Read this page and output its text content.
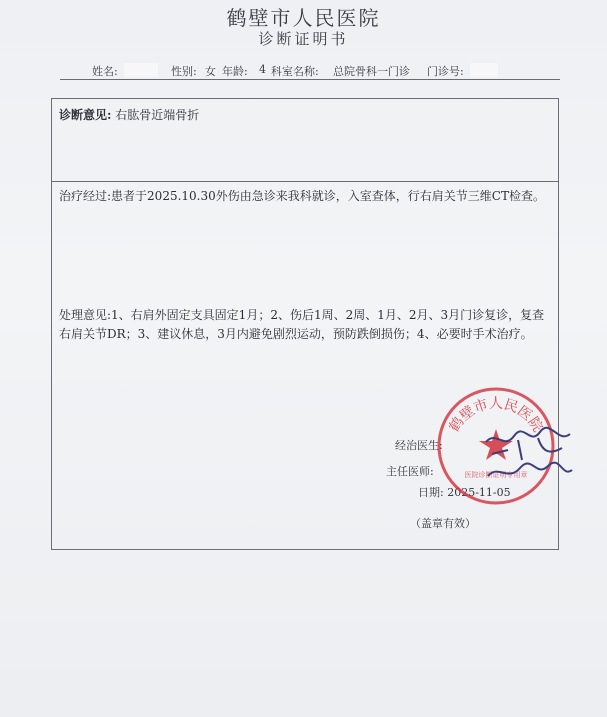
鹤壁市人民医院
诊断证明书
姓名:	性别: 女 年龄: 4 科室名称: 总院骨科一门诊 门诊号:
诊断意见: 右肱骨近端骨折
治疗经过:患者于2025.10.30外伤由急诊来我科就诊，入室查体，行右肩关节三维CT检查。
处理意见:1、右肩外固定支具固定1月；2、伤后1周、2周、1月、2月、3月门诊复诊，复查右肩关节DR；3、建议休息，3月内避免剧烈运动，预防跌倒损伤；4、必要时手术治疗。
经治医生:
主任医师:
日期: 2025-11-05
（盖章有效）
鹤壁市人民医院
医院诊断证明专用章
